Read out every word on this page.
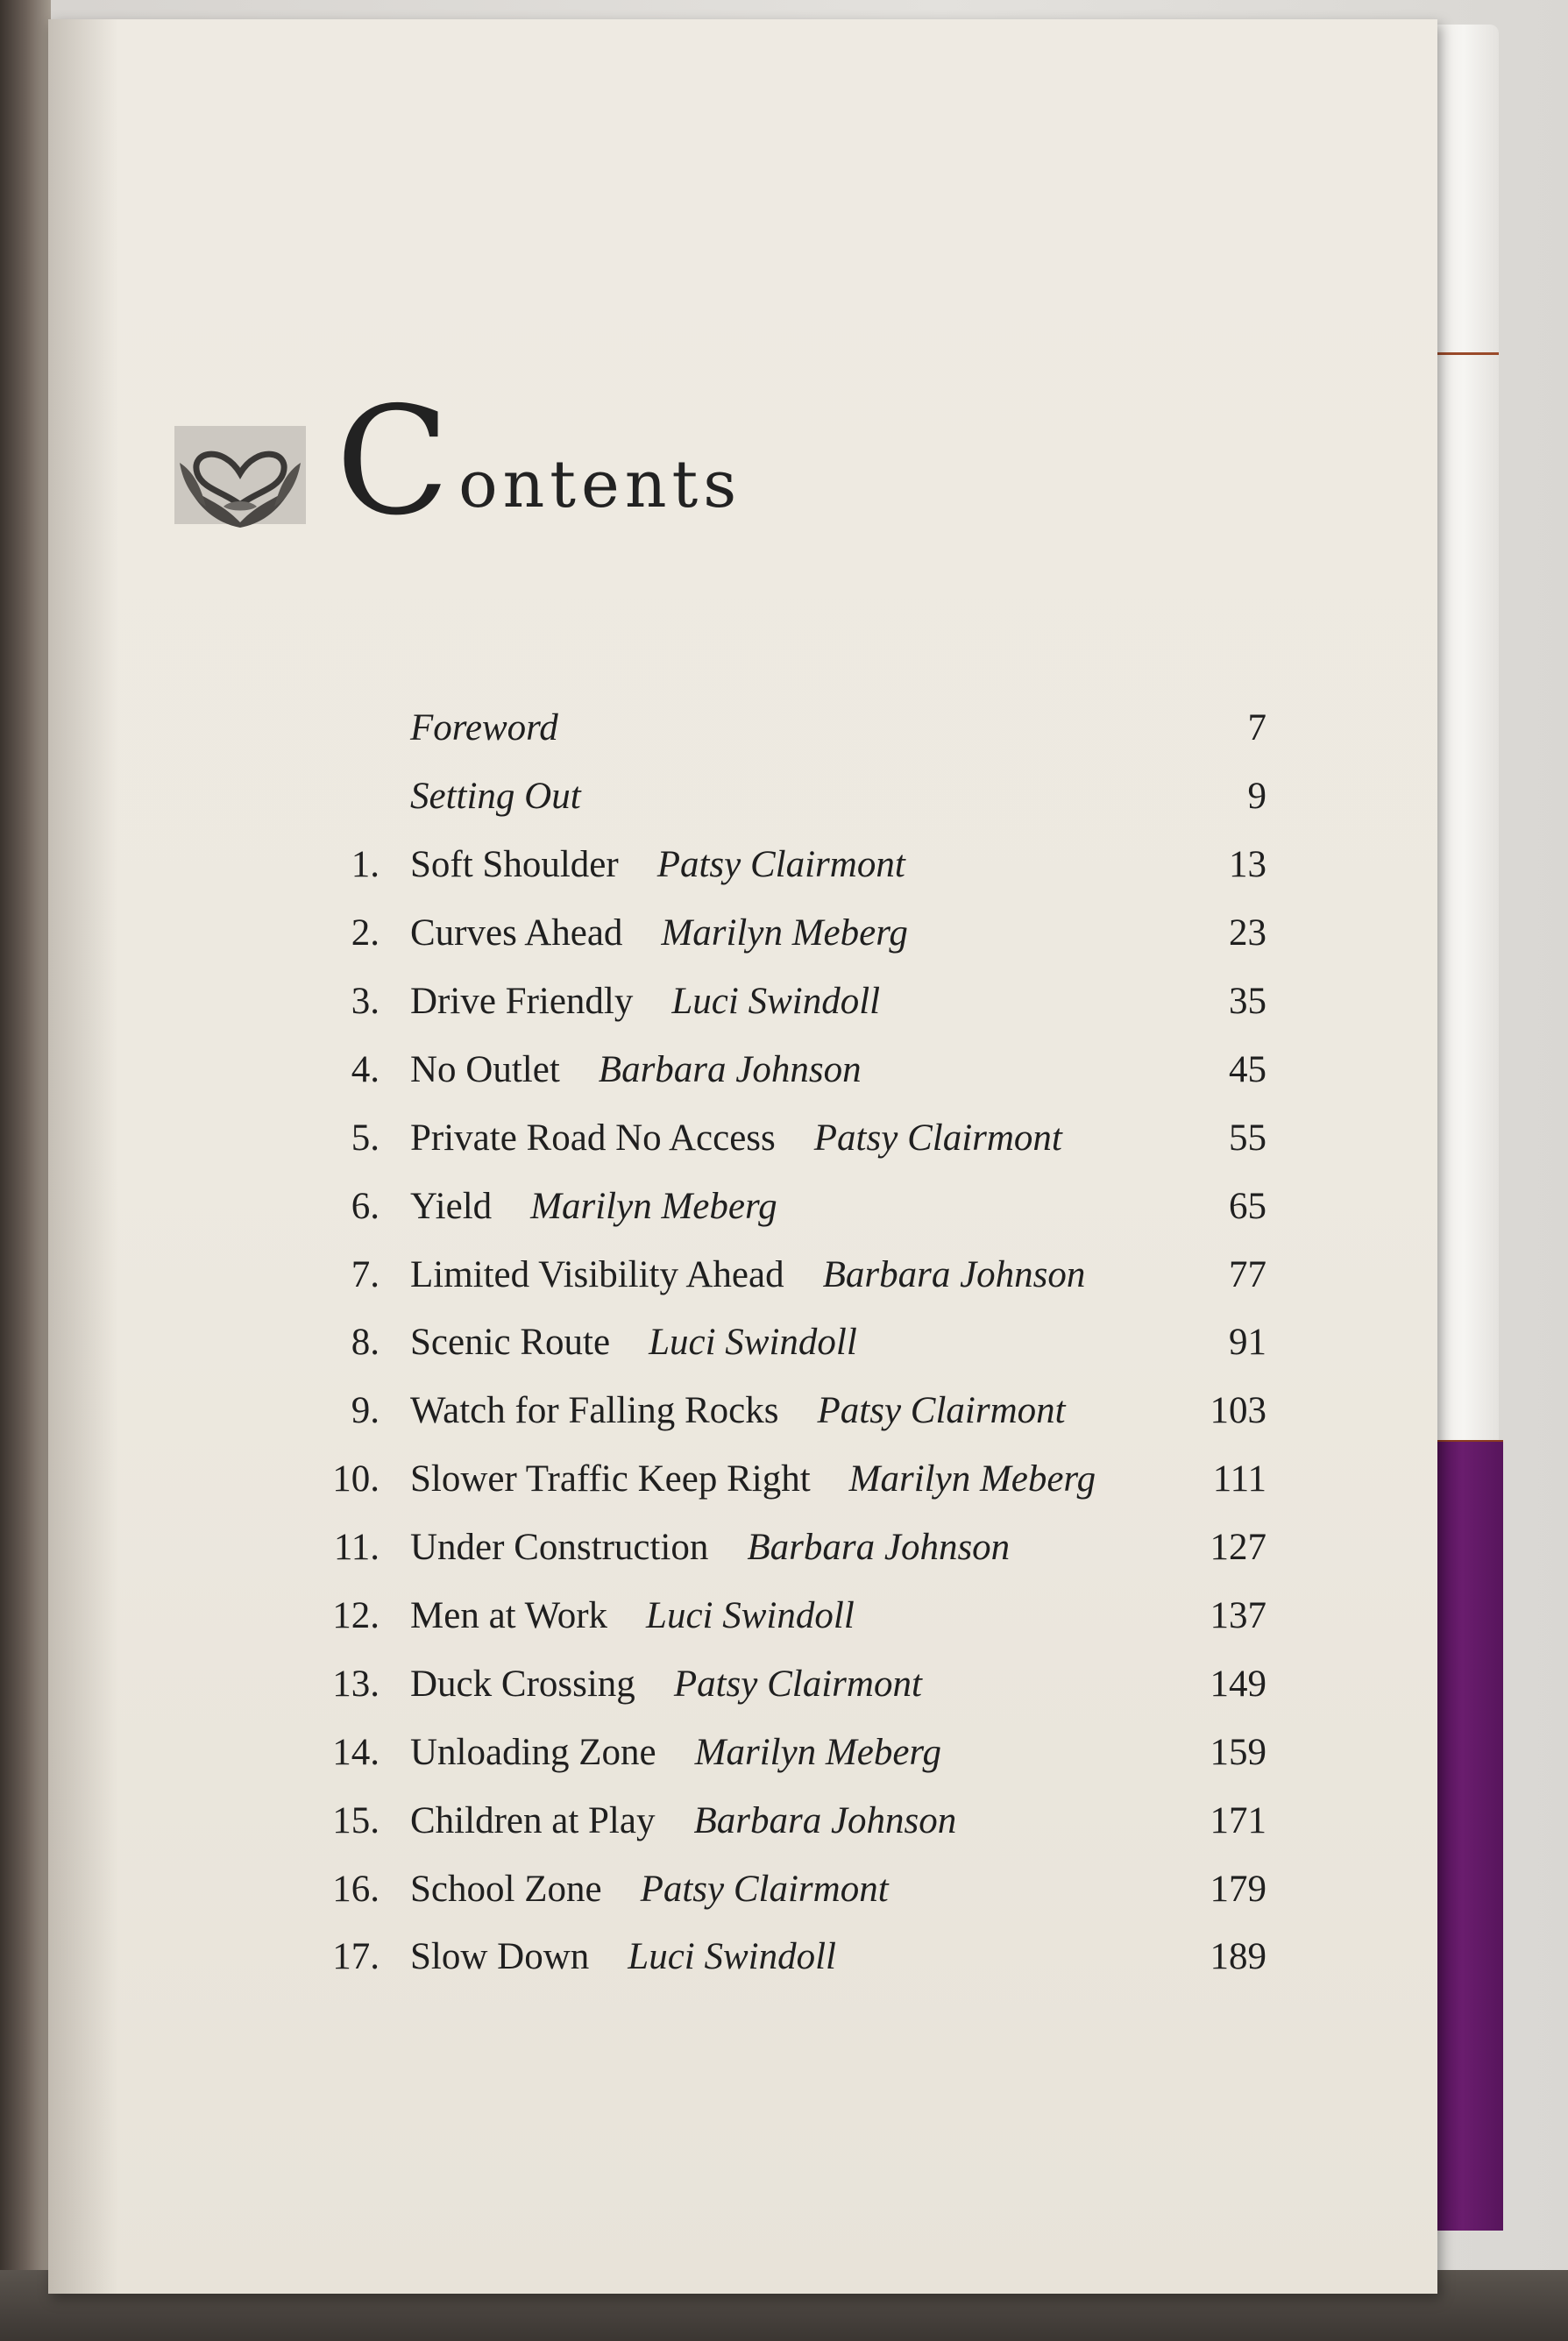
C ontents
Foreword	7
Setting Out	9
1. Soft Shoulder Patsy Clairmont	13
2. Curves Ahead Marilyn Meberg	23
3. Drive Friendly Luci Swindoll	35
4. No Outlet Barbara Johnson	45
5. Private Road No Access Patsy Clairmont	55
6. Yield Marilyn Meberg	65
7. Limited Visibility Ahead Barbara Johnson	77
8. Scenic Route Luci Swindoll	91
9. Watch for Falling Rocks Patsy Clairmont	103
10. Slower Traffic Keep Right Marilyn Meberg	111
11. Under Construction Barbara Johnson	127
12. Men at Work Luci Swindoll	137
13. Duck Crossing Patsy Clairmont	149
14. Unloading Zone Marilyn Meberg	159
15. Children at Play Barbara Johnson	171
16. School Zone Patsy Clairmont	179
17. Slow Down Luci Swindoll	189
